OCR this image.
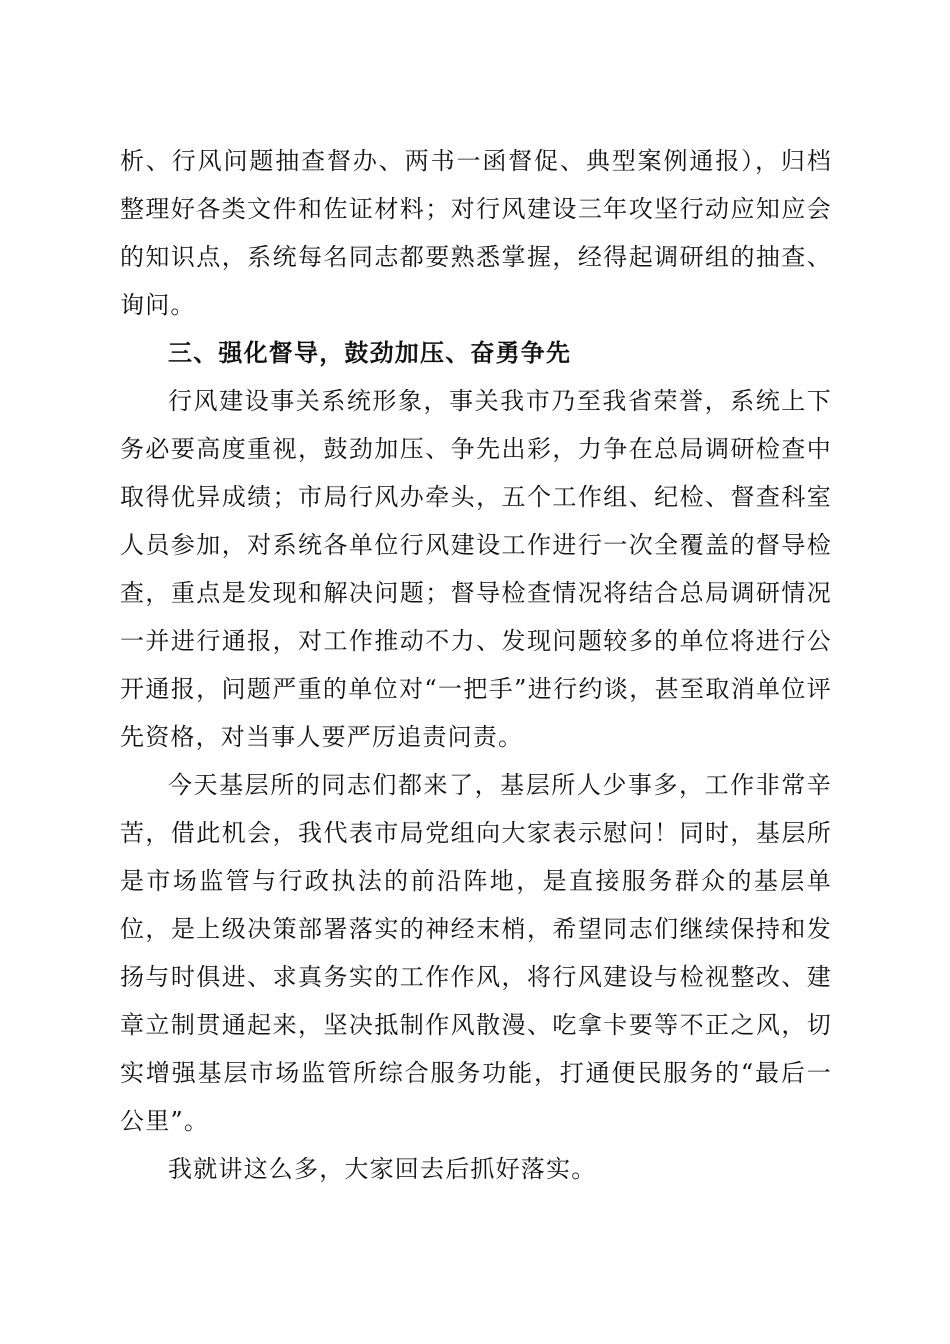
析、行风问题抽查督办、两书一函督促、典型案例通报），归档整理好各类文件和佐证材料；对行风建设三年攻坚行动应知应会的知识点，系统每名同志都要熟悉掌握，经得起调研组的抽查、询问。

三、强化督导，鼓劲加压、奋勇争先

行风建设事关系统形象，事关我市乃至我省荣誉，系统上下务必要高度重视，鼓劲加压、争先出彩，力争在总局调研检查中取得优异成绩；市局行风办牵头，五个工作组、纪检、督查科室人员参加，对系统各单位行风建设工作进行一次全覆盖的督导检查，重点是发现和解决问题；督导检查情况将结合总局调研情况一并进行通报，对工作推动不力、发现问题较多的单位将进行公开通报，问题严重的单位对“一把手”进行约谈，甚至取消单位评先资格，对当事人要严厉追责问责。

今天基层所的同志们都来了，基层所人少事多，工作非常辛苦，借此机会，我代表市局党组向大家表示慰问！同时，基层所是市场监管与行政执法的前沿阵地，是直接服务群众的基层单位，是上级决策部署落实的神经末梢，希望同志们继续保持和发扬与时俱进、求真务实的工作作风，将行风建设与检视整改、建章立制贯通起来，坚决抵制作风散漫、吃拿卡要等不正之风，切实增强基层市场监管所综合服务功能，打通便民服务的“最后一公里”。

我就讲这么多，大家回去后抓好落实。
